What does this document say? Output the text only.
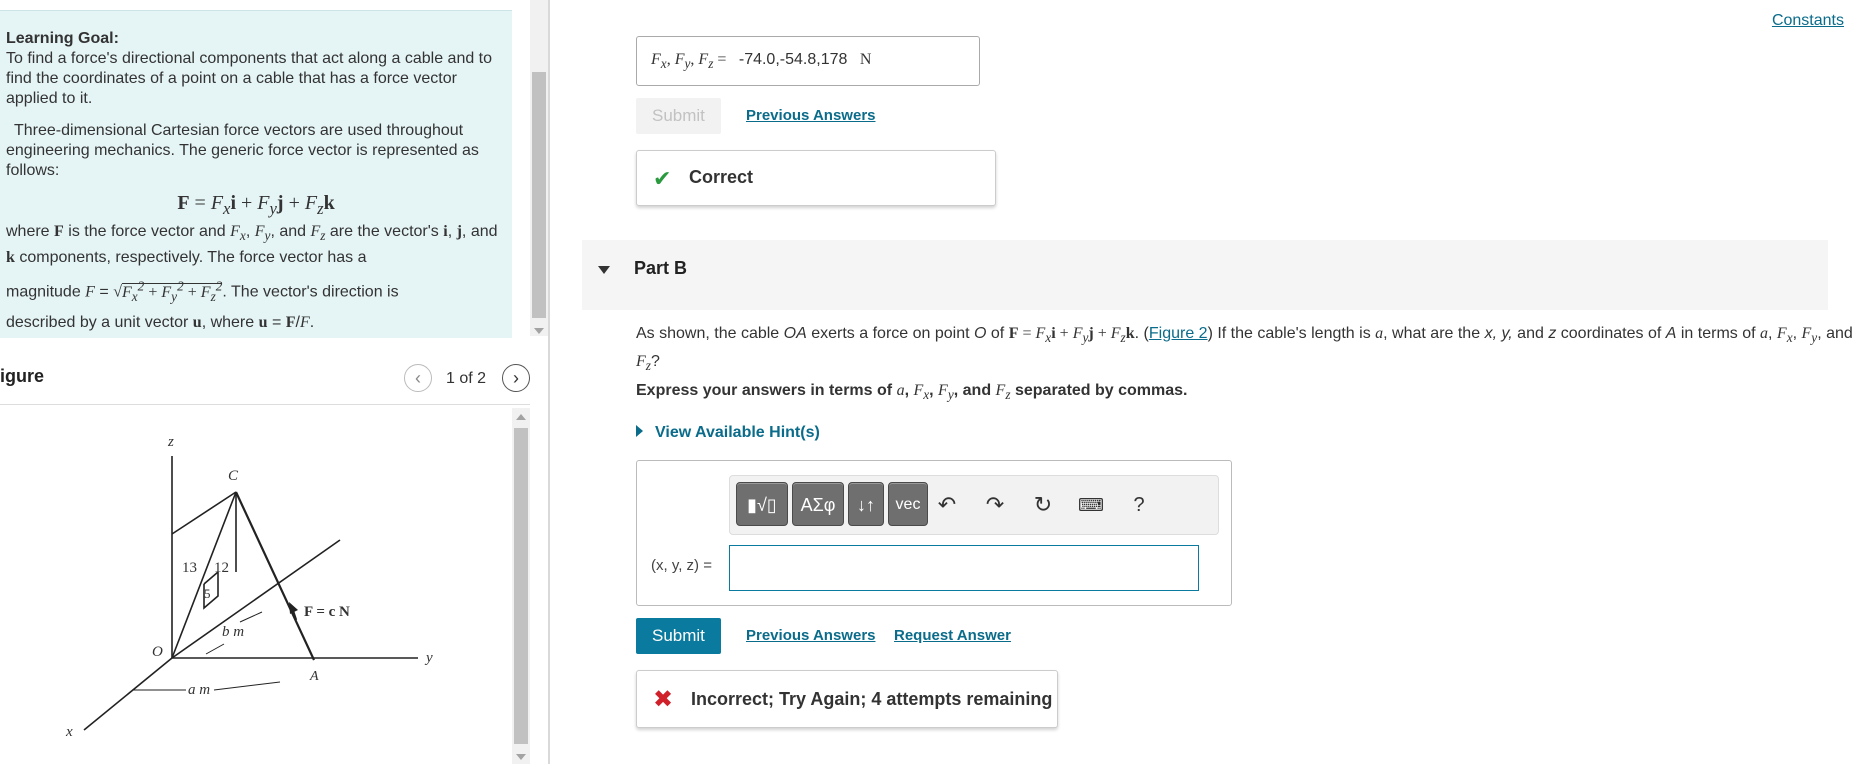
Learning Goal:

To find a force's directional components that act along a cable and to find the coordinates of a point on a cable that has a force vector applied to it.

Three-dimensional Cartesian force vectors are used throughout engineering mechanics. The generic force vector is represented as follows:

$F = F_xi + F_yj + F_zk$
where F is the force vector and $F_x$, $F_y$, and $F_z$ are the vector's i, j, and k components, respectively. The force vector has a
magnitude $F = √F_x^2 + F_y^2 + F_z^2$. The vector's direction is
described by a unit vector u, where u = F/F.
igure	‹	1 of 2	›
z
C
13 12
5
F = c N
O
b m
A
y
a m
x
Constants
$F_x$, $F_y$, $F_z = -74.0,-54.8,178$ N
Submit	Previous Answers
✔ Correct
Part B
As shown, the cable OA exerts a force on point O of $F = F_xi + F_yj + F_zk$. (Figure 2) If the cable's length is a, what are the x, y, and z coordinates of A in terms of a, $F_x$, $F_y$, and $F_z$?
Express your answers in terms of a, $F_x$, $F_y$, and $F_z$ separated by commas.
View Available Hint(s)
▮√▯	ΑΣφ	↓↑	vec ↶ ↷ ↻	⌨	?
(x, y, z) =
Submit	Previous Answers Request Answer
✖ Incorrect; Try Again; 4 attempts remaining
